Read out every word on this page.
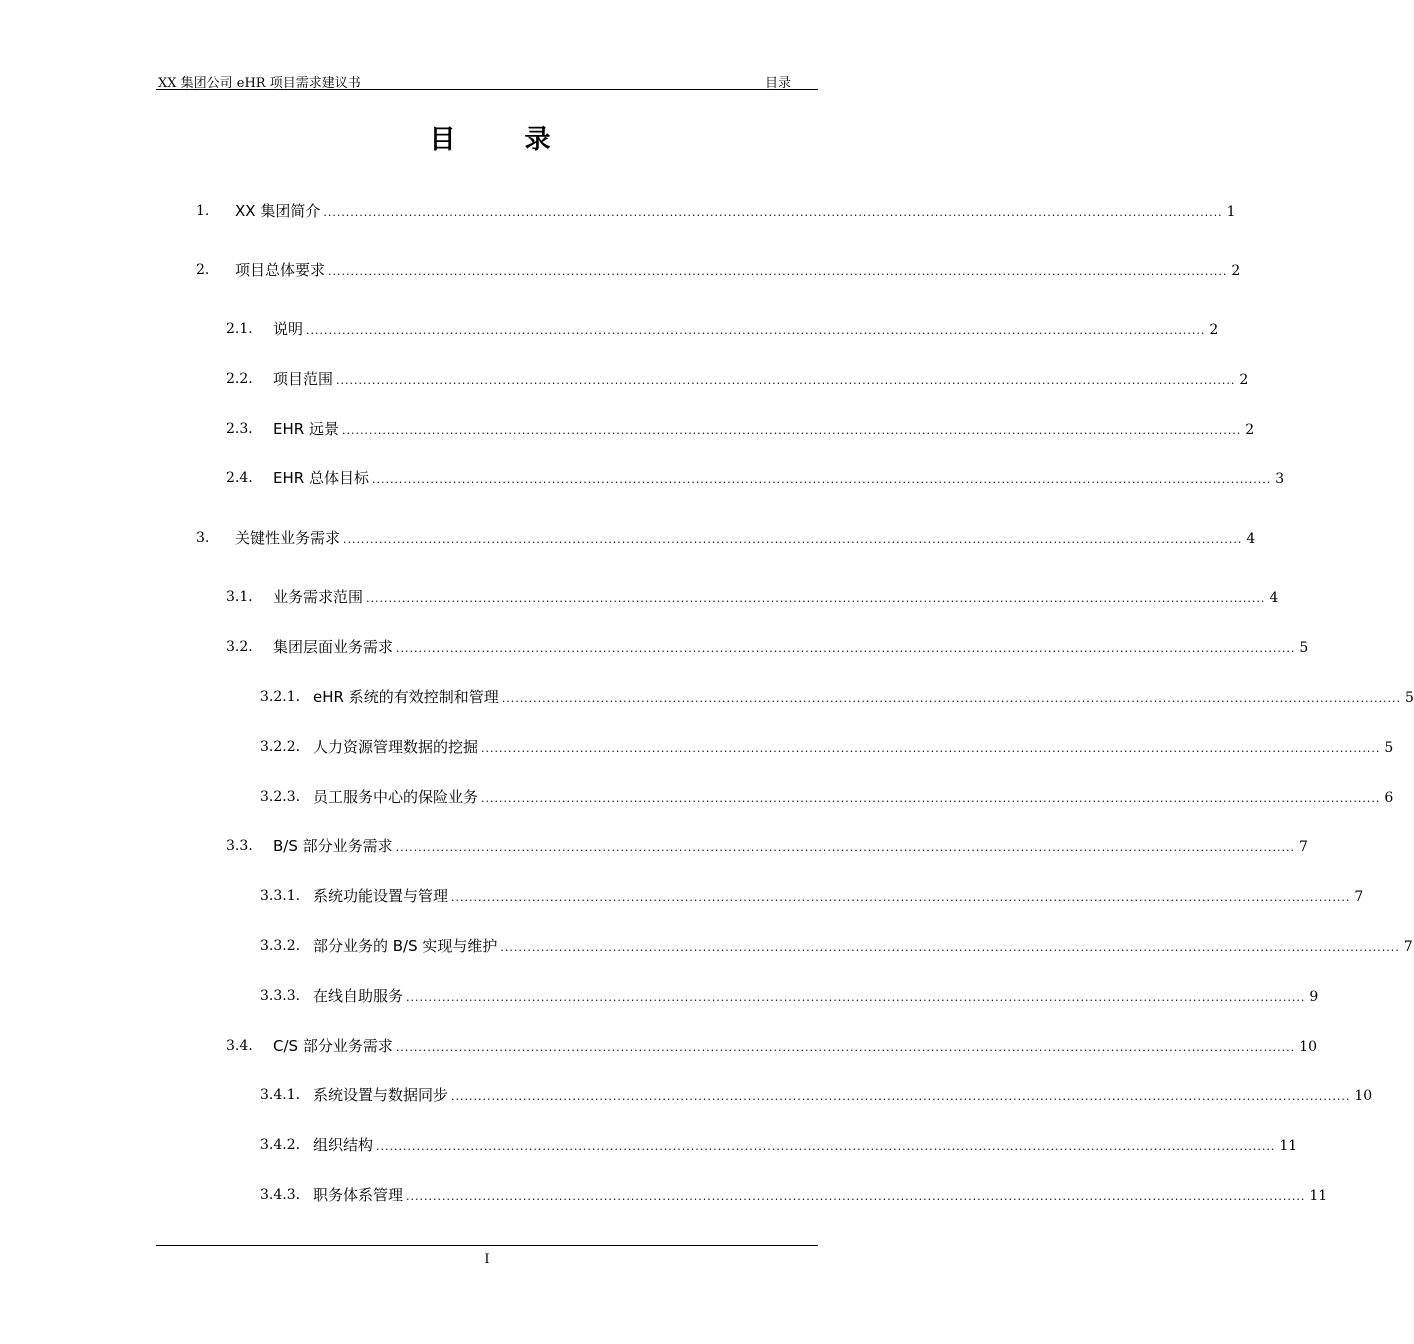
XX 集团公司 eHR 项目需求建议书	目录
目 录
1. XX 集团简介 ........................................................................................................................................................................................................ 1
2. 项目总体要求 ........................................................................................................................................................................................................ 2
2.1. 说明 ........................................................................................................................................................................................................ 2
2.2. 项目范围 ........................................................................................................................................................................................................ 2
2.3. EHR 远景 ........................................................................................................................................................................................................ 2
2.4. EHR 总体目标 ........................................................................................................................................................................................................ 3
3. 关键性业务需求 ........................................................................................................................................................................................................ 4
3.1. 业务需求范围 ........................................................................................................................................................................................................ 4
3.2. 集团层面业务需求 ........................................................................................................................................................................................................ 5
3.2.1. eHR 系统的有效控制和管理 ........................................................................................................................................................................................................ 5
3.2.2. 人力资源管理数据的挖掘 ........................................................................................................................................................................................................ 5
3.2.3. 员工服务中心的保险业务 ........................................................................................................................................................................................................ 6
3.3. B/S 部分业务需求 ........................................................................................................................................................................................................ 7
3.3.1. 系统功能设置与管理 ........................................................................................................................................................................................................ 7
3.3.2. 部分业务的 B/S 实现与维护 ........................................................................................................................................................................................................ 7
3.3.3. 在线自助服务 ........................................................................................................................................................................................................ 9
3.4. C/S 部分业务需求 ........................................................................................................................................................................................................ 10
3.4.1. 系统设置与数据同步 ........................................................................................................................................................................................................ 10
3.4.2. 组织结构 ........................................................................................................................................................................................................ 11
3.4.3. 职务体系管理 ........................................................................................................................................................................................................ 11
I
